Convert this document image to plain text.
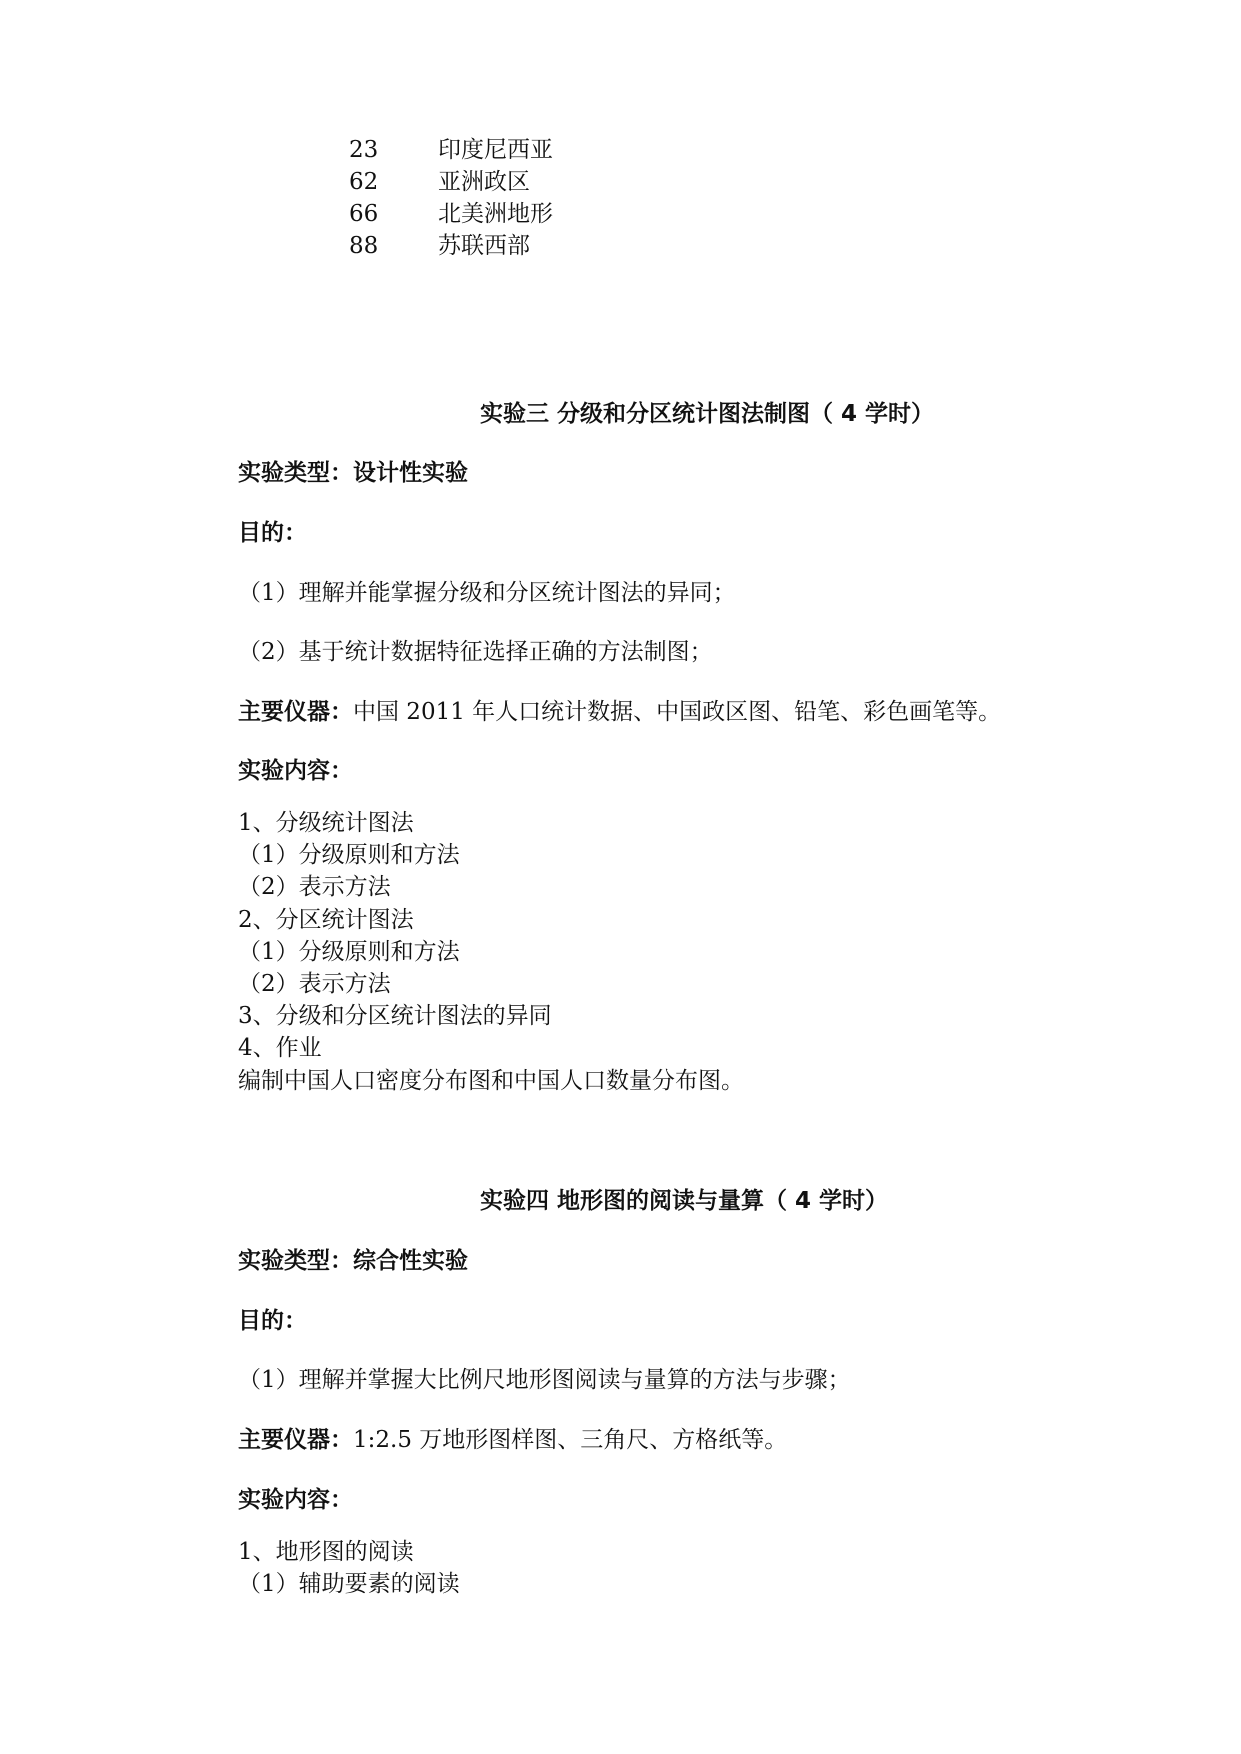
23	印度尼西亚
62	亚洲政区
66	北美洲地形
88	苏联西部
实验三 分级和分区统计图法制图（ 4 学时）
实验类型：设计性实验
目的：
（1）理解并能掌握分级和分区统计图法的异同；
（2）基于统计数据特征选择正确的方法制图；
主要仪器：中国 2011 年人口统计数据、中国政区图、铅笔、彩色画笔等。
实验内容：
1、分级统计图法
（1）分级原则和方法
（2）表示方法
2、分区统计图法
（1）分级原则和方法
（2）表示方法
3、分级和分区统计图法的异同
4、作业
编制中国人口密度分布图和中国人口数量分布图。
实验四 地形图的阅读与量算（ 4 学时）
实验类型：综合性实验
目的：
（1）理解并掌握大比例尺地形图阅读与量算的方法与步骤；
主要仪器：1:2.5 万地形图样图、三角尺、方格纸等。
实验内容：
1、地形图的阅读
（1）辅助要素的阅读
